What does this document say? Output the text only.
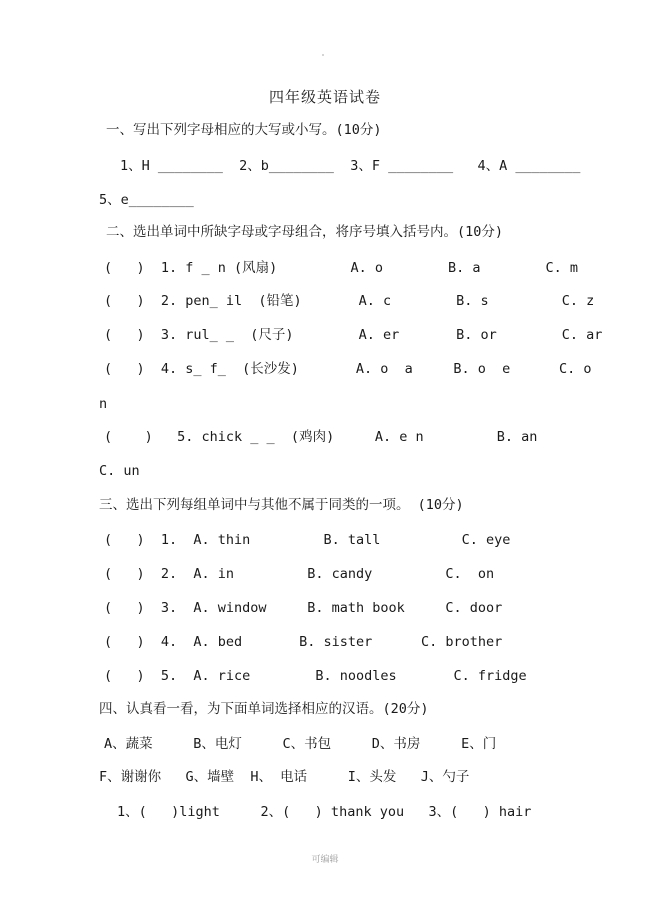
四年级英语试卷
一、写出下列字母相应的大写或小写。(10分)
1、H ________  2、b________  3、F ________   4、A ________
5、e________
二、选出单词中所缺字母或字母组合，将序号填入括号内。(10分)
(   )  1. f _ n (风扇)         A. o        B. a        C. m
(   )  2. pen_ il  (铅笔)       A. c        B. s         C. z
(   )  3. rul_ _  (尺子)        A. er       B. or        C. ar
(   )  4. s_ f_  (长沙发)       A. o  a     B. o  e      C. o
n
(    )   5. chick _ _  (鸡肉)     A. e n         B. an
C. un
三、选出下列每组单词中与其他不属于同类的一项。 (10分)
(   )  1.  A. thin         B. tall          C. eye
(   )  2.  A. in         B. candy         C.  on
(   )  3.  A. window     B. math book     C. door
(   )  4.  A. bed       B. sister      C. brother
(   )  5.  A. rice        B. noodles       C. fridge
四、认真看一看，为下面单词选择相应的汉语。(20分)
A、蔬菜     B、电灯     C、书包     D、书房     E、门
F、谢谢你   G、墙壁  H、 电话     I、头发   J、勺子
1、(   )light     2、(   ) thank you   3、(   ) hair
可编辑
